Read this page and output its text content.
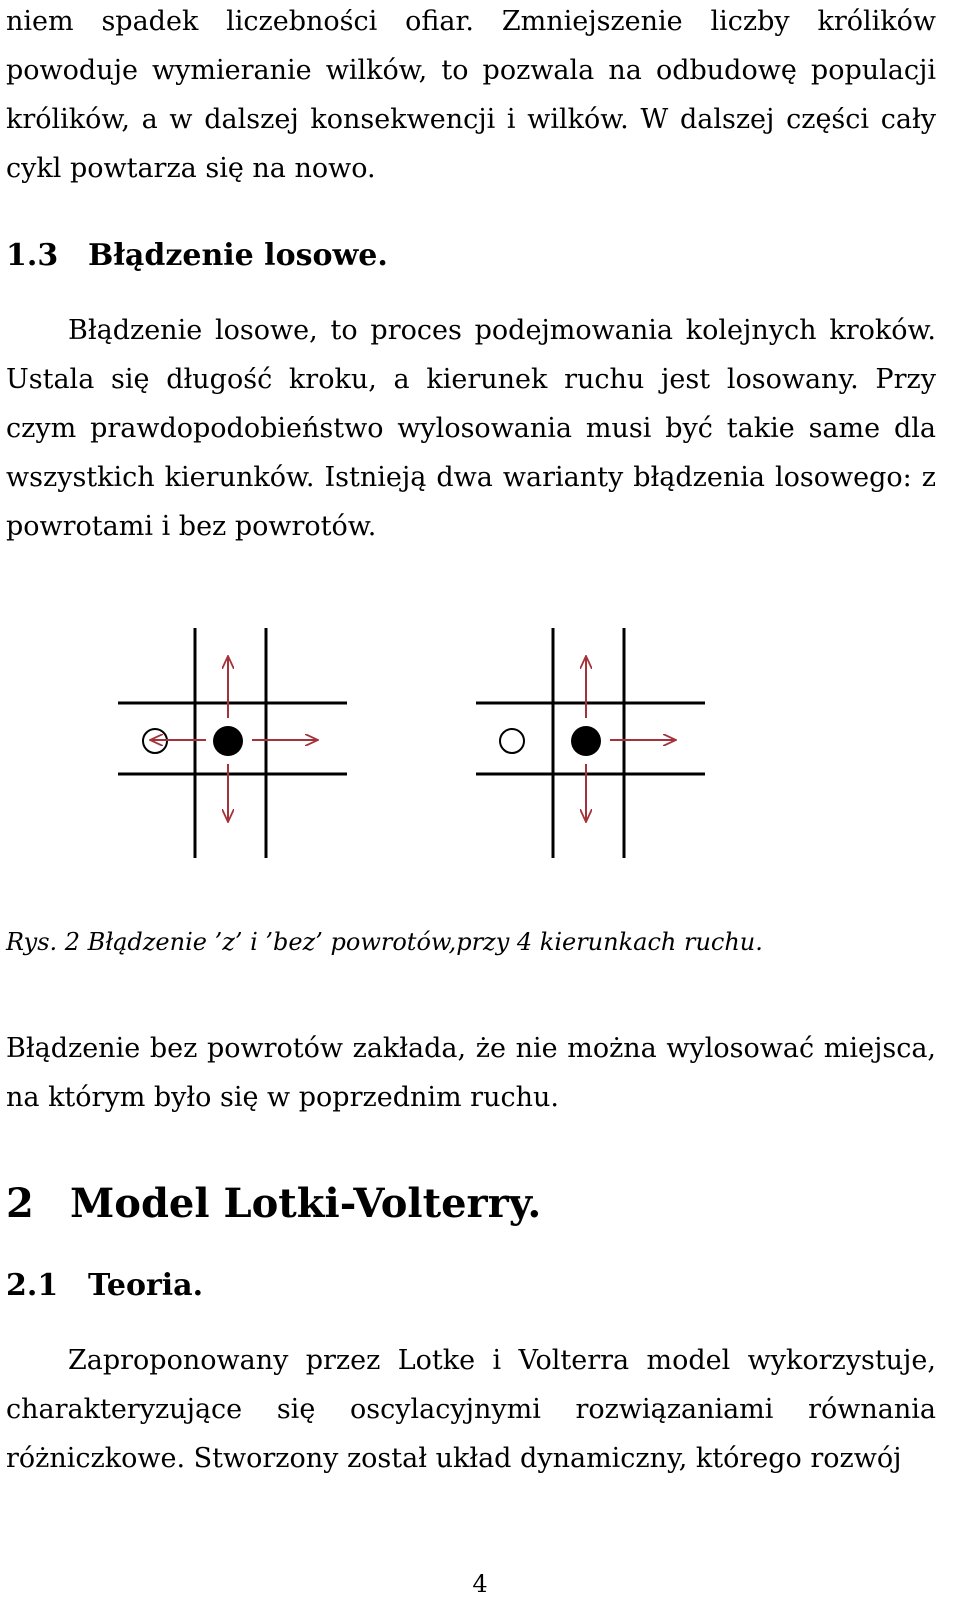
niem spadek liczebności ofiar. Zmniejszenie liczby królików powoduje wymieranie wilków, to pozwala na odbudowę populacji królików, a w dalszej konsekwencji i wilków. W dalszej części cały cykl powtarza się na nowo.

1.3 Błądzenie losowe.

Błądzenie losowe, to proces podejmowania kolejnych kroków. Ustala się długość kroku, a kierunek ruchu jest losowany. Przy czym prawdopodobieństwo wylosowania musi być takie same dla wszystkich kierunków. Istnieją dwa warianty błądzenia losowego: z powrotami i bez powrotów.

Rys. 2 Błądzenie ’z’ i ’bez’ powrotów,przy 4 kierunkach ruchu.

Błądzenie bez powrotów zakłada, że nie można wylosować miejsca, na którym było się w poprzednim ruchu.

2 Model Lotki-Volterry.
2.1 Teoria.

Zaproponowany przez Lotke i Volterra model wykorzystuje, charakteryzujące się oscylacyjnymi rozwiązaniami równania różniczkowe. Stworzony został układ dynamiczny, którego rozwój

4
